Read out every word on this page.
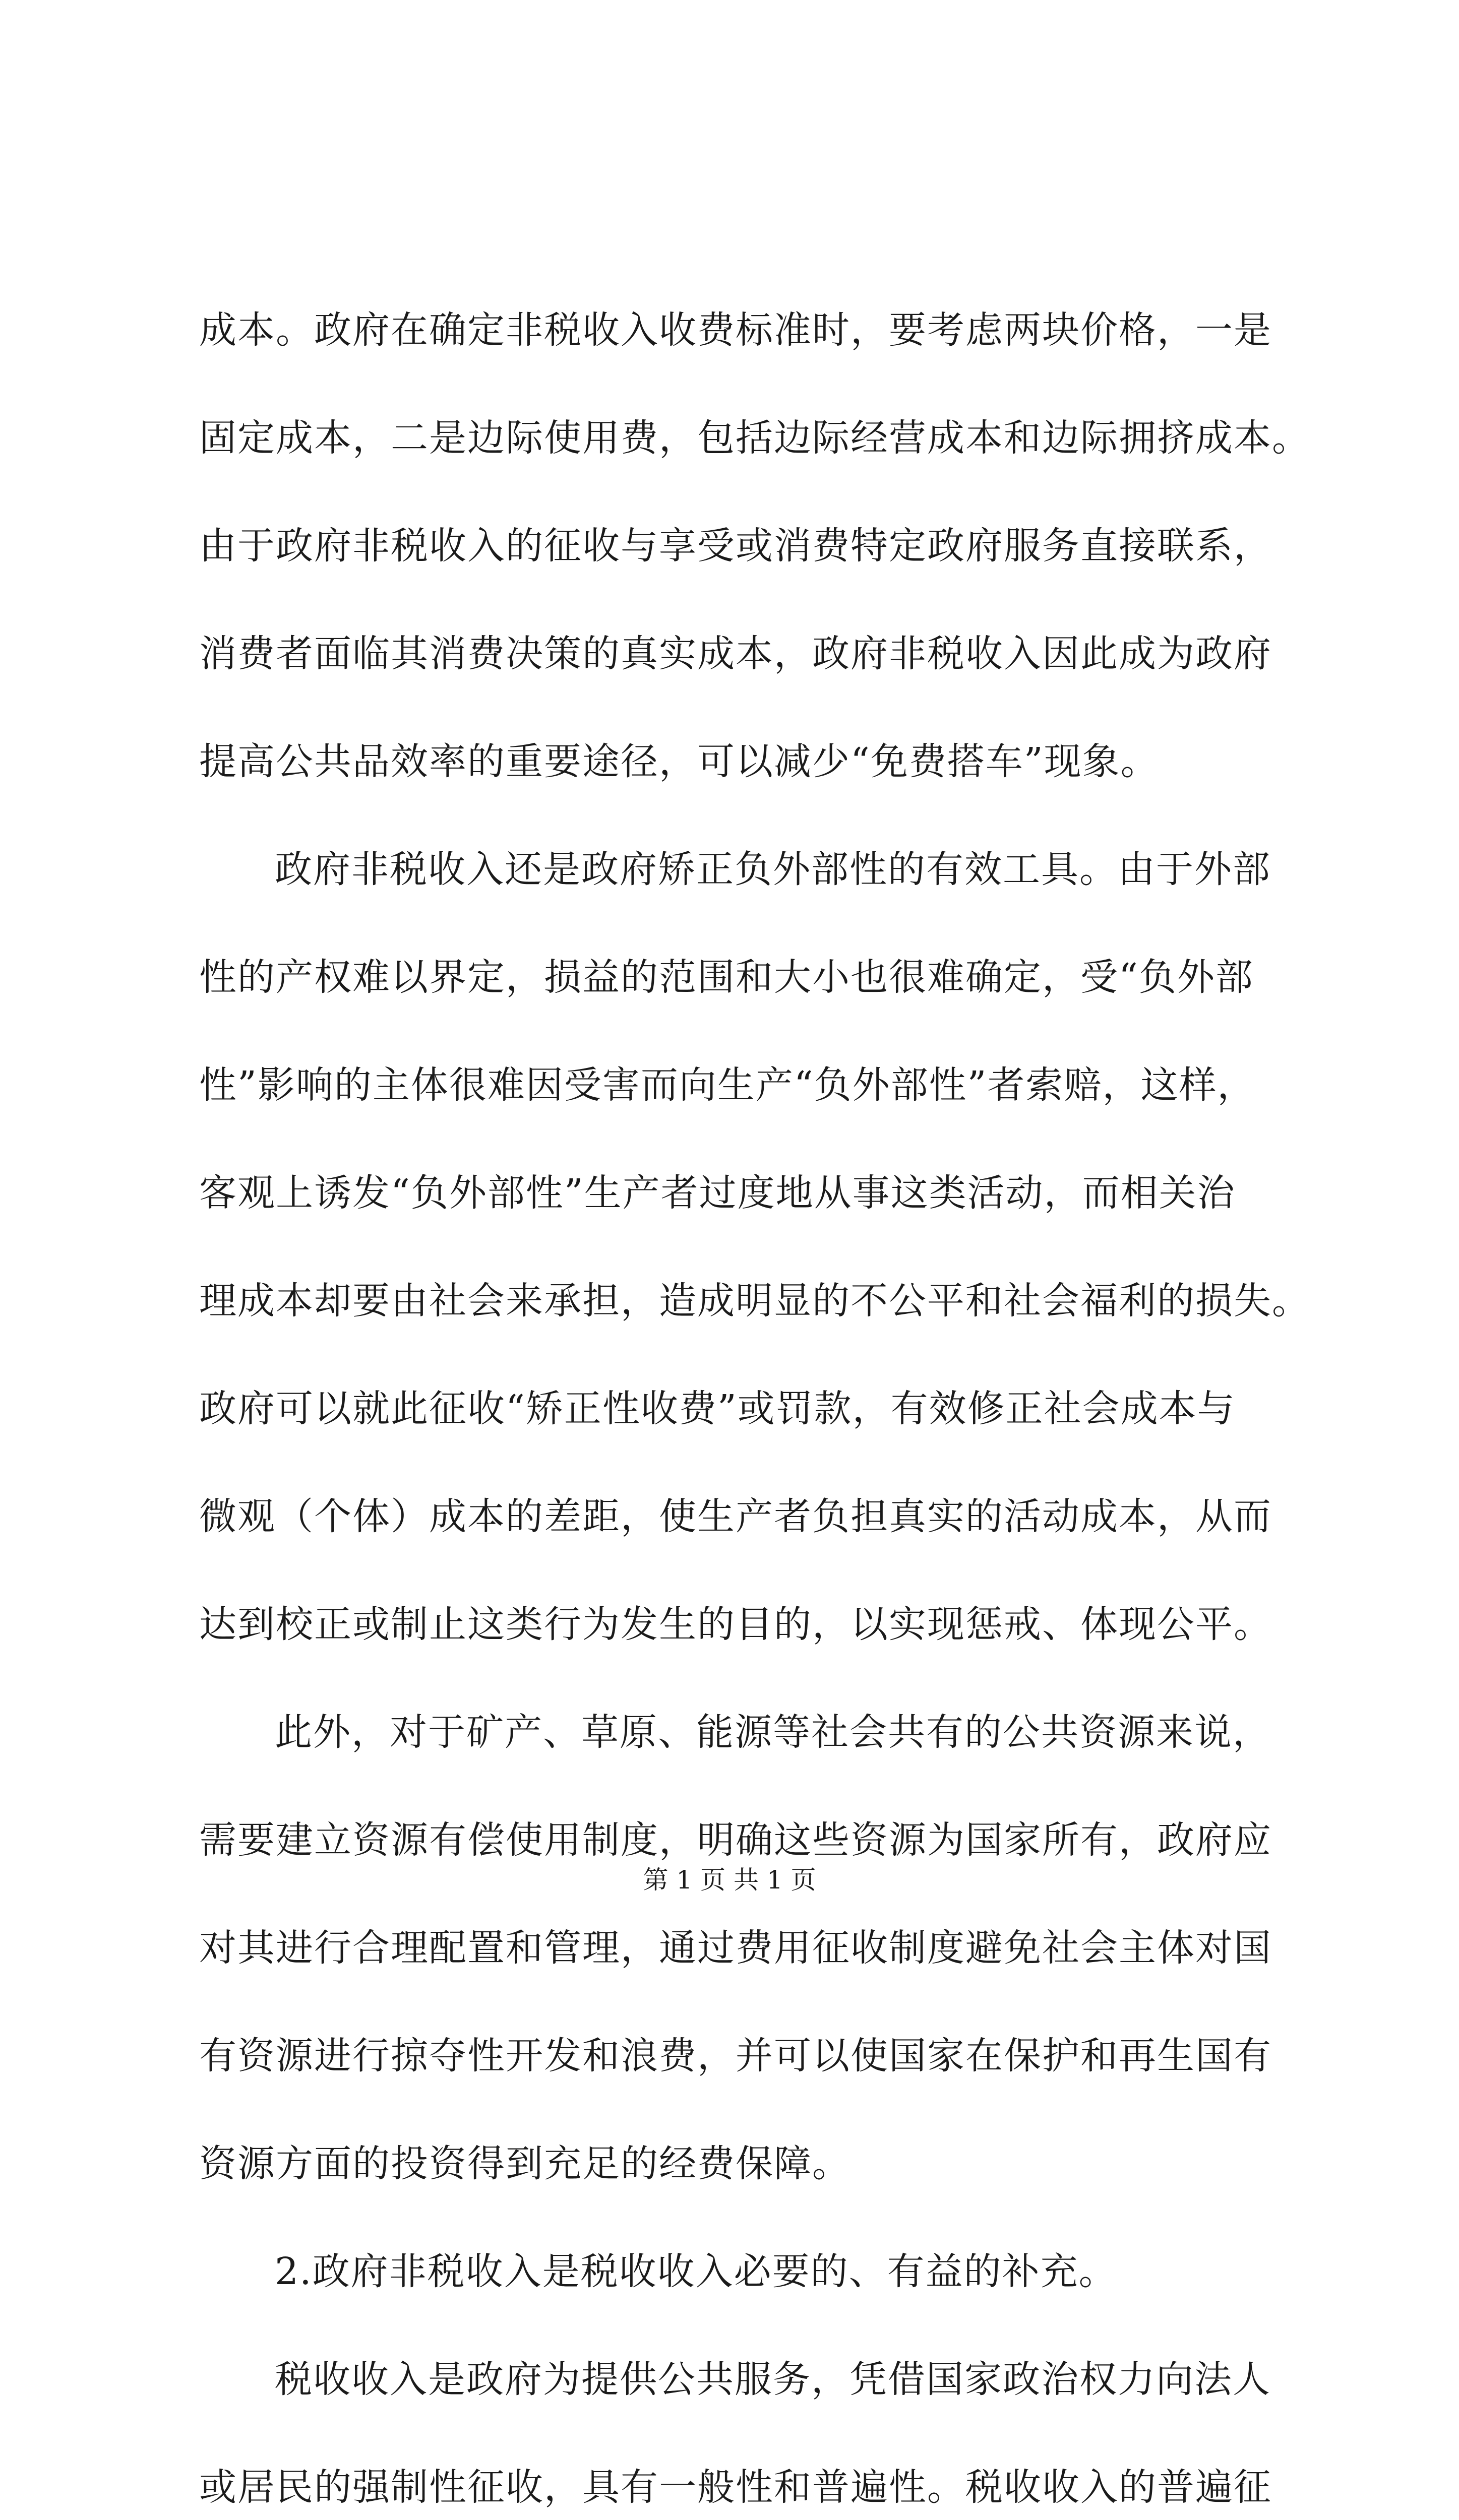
成本。政府在确定非税收入收费标准时，要考虑两块价格，一是
固定成本，二是边际使用费，包括边际经营成本和边际拥挤成本。
由于政府非税收入的征收与享受或消费特定政府服务直接联系，
消费者面临其消费决策的真实成本，政府非税收入因此成为政府
提高公共品效率的重要途径，可以减少“免费搭车”现象。
政府非税收入还是政府矫正负外部性的有效工具。由于外部
性的产权难以界定，损益的范围和大小也很难确定，受“负外部
性”影响的主体很难因受害而向生产“负外部性”者索赔，这样，
客观上诱发“负外部性”生产者过度地从事这类活动，而相关治
理成本却要由社会来承担，造成明显的不公平和社会福利的损失。
政府可以就此征收“矫正性收费”或罚款，有效修正社会成本与
微观（个体）成本的差距，使生产者负担真实的活动成本，从而
达到校正或制止这类行为发生的目的，以实现惩戒、体现公平。
此外，对于矿产、草原、能源等社会共有的公共资源来说，
需要建立资源有偿使用制度，明确这些资源为国家所有，政府应
对其进行合理配置和管理，通过费用征收制度避免社会主体对国
有资源进行掠夺性开发和浪费，并可以使国家在保护和再生国有
资源方面的投资得到充足的经费保障。
2.政府非税收入是税收收入必要的、有益的补充。
税收收入是政府为提供公共服务，凭借国家政治权力向法人
或居民的强制性征收，具有一般性和普遍性。税收收入的普遍征
第 1 页 共 1 页
